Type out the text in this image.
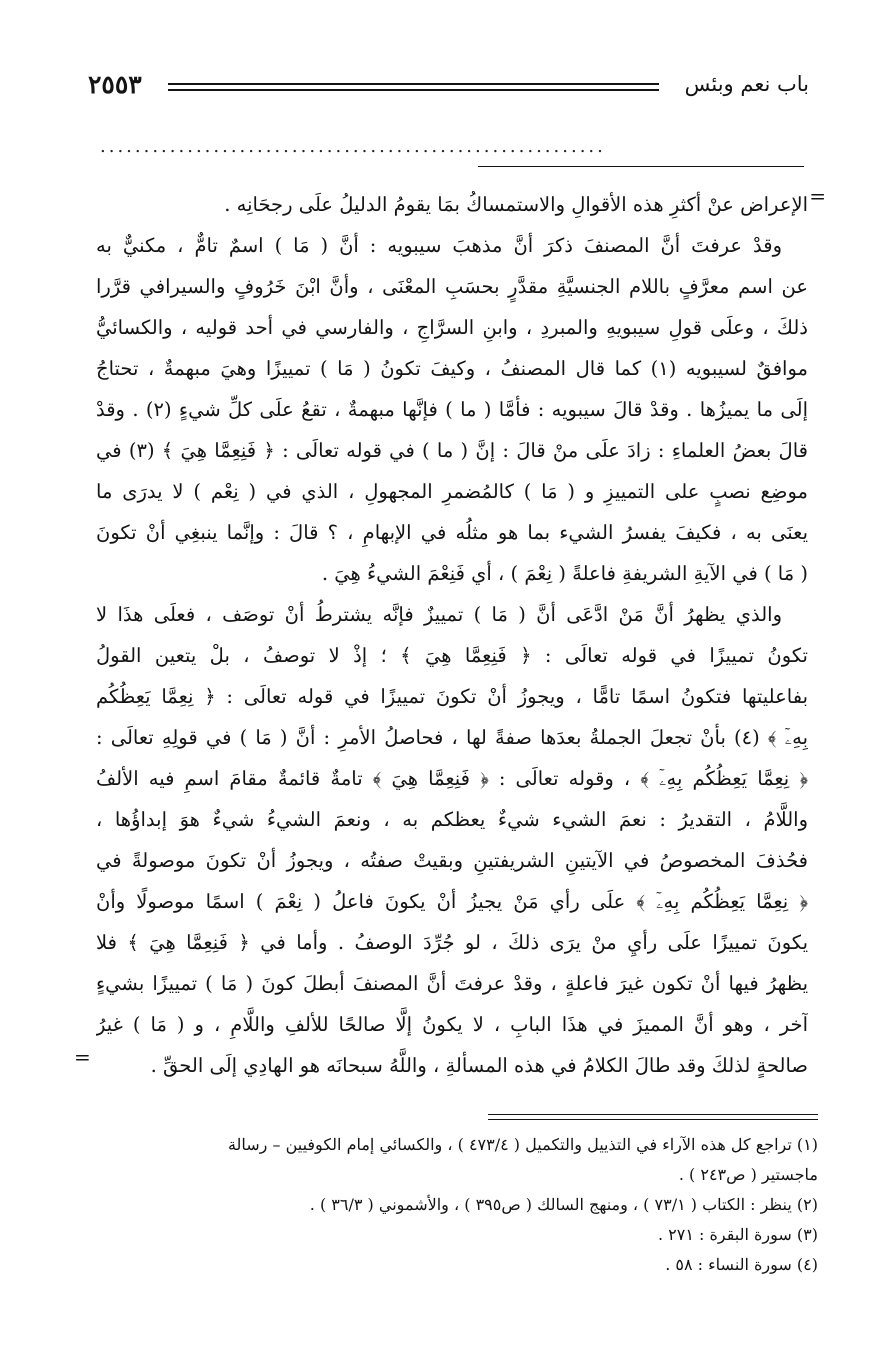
باب نعم وبئس
٢٥٥٣
..........................................................
=
الإعراض عنْ أكثرِ هذه الأقوالِ والاستمساكُ بمَا يقومُ الدليلُ علَى رجحَانِه .
وقدْ عرفتَ أنَّ المصنفَ ذكرَ أنَّ مذهبَ سيبويه : أنَّ ( مَا ) اسمٌ تامٌّ ، مكنيٌّ به
عن اسم معرَّفٍ باللام الجنسيَّةِ مقدَّرٍ بحسَبِ المعْنَى ، وأنَّ ابْنَ خَرُوفٍ والسيرافي قرَّرا
ذلكَ ، وعلَى قولِ سيبويهِ والمبردِ ، وابنِ السرَّاجِ ، والفارسي في أحد قوليه ، والكسائيُّ
موافقٌ لسيبويه (١) كما قال المصنفُ ، وكيفَ تكونُ ( مَا ) تمييزًا وهيَ مبهمةٌ ، تحتاجُ
إلَى ما يميزُها . وقدْ قالَ سيبويه : فأمَّا ( ما ) فإنَّها مبهمةٌ ، تقعُ علَى كلِّ شيءٍ (٢) . وقدْ
قالَ بعضُ العلماءِ : زادَ علَى منْ قالَ : إنَّ ( ما ) في قوله تعالَى : ﴿ فَنِعِمَّا هِيَ ﴾ (٣) في
موضِع نصبٍ على التمييزِ و ( مَا ) كالمُضمرِ المجهولِ ، الذي في ( نِعْم ) لا يدرَى ما
يعنَى به ، فكيفَ يفسرُ الشيء بما هو مثلُه في الإبهامِ ، ؟ قالَ : وإنَّما ينبغِي أنْ تكونَ
( مَا ) في الآيةِ الشريفةِ فاعلةً ( نِعْمَ ) ، أي فَنِعْمَ الشيءُ هِيَ .
والذي يظهرُ أنَّ مَنْ ادَّعَى أنَّ ( مَا ) تمييزٌ فإنَّه يشترطُ أنْ توصَف ، فعلَى هذَا لا
تكونُ تمييزًا في قوله تعالَى : ﴿ فَنِعِمَّا هِيَ ﴾ ؛ إذْ لا توصفُ ، بلْ يتعين القولُ
بفاعليتها فتكونُ اسمًا تامًّا ، ويجوزُ أنْ تكونَ تمييزًا في قوله تعالَى : ﴿ نِعِمَّا يَعِظُكُم
بِهِۦٓ ﴾ (٤) بأنْ تجعلَ الجملةُ بعدَها صفةً لها ، فحاصلُ الأمرِ : أنَّ ( مَا ) في قولِهِ تعالَى :
﴿ نِعِمَّا يَعِظُكُم بِهِۦٓ ﴾ ، وقوله تعالَى : ﴿ فَنِعِمَّا هِيَ ﴾ تامةٌ قائمةٌ مقامَ اسمِ فيه الألفُ
واللَّامُ ، التقديرُ : نعمَ الشيء شيءٌ يعظكم به ، ونعمَ الشيءُ شيءٌ هوَ إبداؤُها ،
فحُذفَ المخصوصُ في الآيتينِ الشريفتينِ وبقيتْ صفتُه ، ويجوزُ أنْ تكونَ موصولةً في
﴿ نِعِمَّا يَعِظُكُم بِهِۦٓ ﴾ علَى رأي مَنْ يجيزُ أنْ يكونَ فاعلُ ( نِعْمَ ) اسمًا موصولًا وأنْ
يكونَ تمييزًا علَى رأيِ منْ يرَى ذلكَ ، لو جُرِّدَ الوصفُ . وأما في ﴿ فَنِعِمَّا هِيَ ﴾ فلا
يظهرُ فيها أنْ تكون غيرَ فاعلةٍ ، وقدْ عرفتَ أنَّ المصنفَ أبطلَ كونَ ( مَا ) تمييزًا بشيءٍ
آخر ، وهو أنَّ المميزَ في هذَا البابِ ، لا يكونُ إلَّا صالحًا للألفِ واللَّامِ ، و ( مَا ) غيرُ
صالحةٍ لذلكَ وقد طالَ الكلامُ في هذه المسألةِ ، واللَّهُ سبحانَه هو الهادِي إلَى الحقِّ .
=
(١) تراجع كل هذه الآراء في التذييل والتكميل ( ٤٧٣/٤ ) ، والكسائي إمام الكوفيين – رسالة
ماجستير ( ص٢٤٣ ) .
(٢) ينظر : الكتاب ( ٧٣/١ ) ، ومنهج السالك ( ص٣٩٥ ) ، والأشموني ( ٣٦/٣ ) .
(٣) سورة البقرة : ٢٧١ .
(٤) سورة النساء : ٥٨ .
